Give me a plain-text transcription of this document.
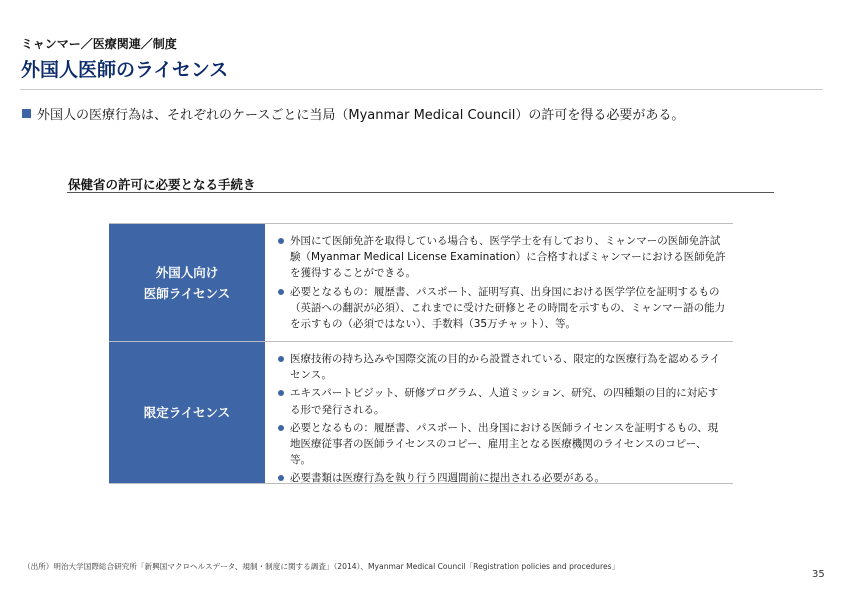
ミャンマー／医療関連／制度
外国人医師のライセンス
外国人の医療行為は、それぞれのケースごとに当局（Myanmar Medical Council）の許可を得る必要がある。
保健省の許可に必要となる手続き
外国人向け
医師ライセンス
外国にて医師免許を取得している場合も、医学学士を有しており、ミャンマーの医師免許試験（Myanmar Medical License Examination）に合格すればミャンマーにおける医師免許を獲得することができる。
必要となるもの：履歴書、パスポート、証明写真、出身国における医学学位を証明するもの（英語への翻訳が必須）、これまでに受けた研修とその時間を示すもの、ミャンマー語の能力を示すもの（必須ではない）、手数料（35万チャット）、等。
限定ライセンス
医療技術の持ち込みや国際交流の目的から設置されている、限定的な医療行為を認めるライセンス。
エキスパートビジット、研修プログラム、人道ミッション、研究、の四種類の目的に対応する形で発行される。
必要となるもの：履歴書、パスポート、出身国における医師ライセンスを証明するもの、現地医療従事者の医師ライセンスのコピー、雇用主となる医療機関のライセンスのコピー、等。
必要書類は医療行為を執り行う四週間前に提出される必要がある。
（出所）明治大学国際総合研究所「新興国マクロヘルスデータ、規制・制度に関する調査」（2014）、Myanmar Medical Council「Registration policies and procedures」
35
